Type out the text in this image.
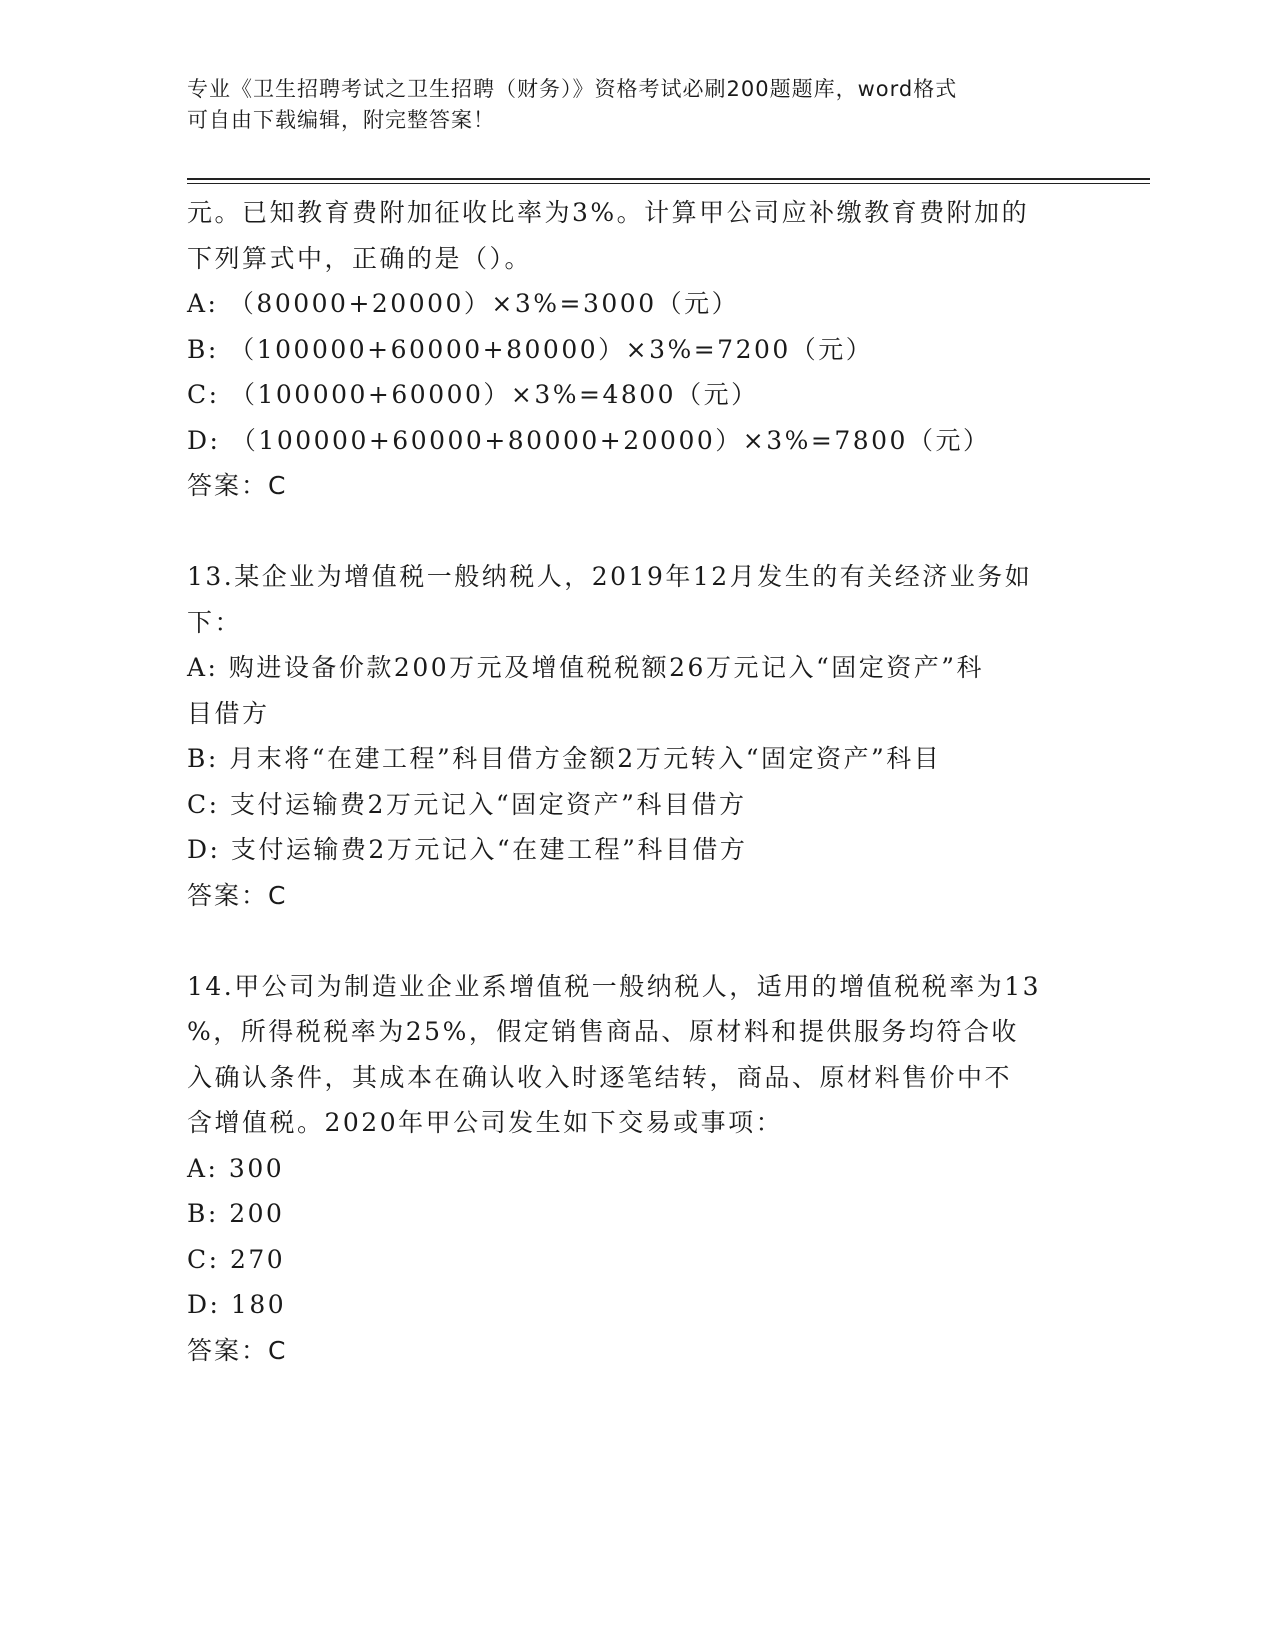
专业《卫生招聘考试之卫生招聘（财务）》资格考试必刷200题题库，word格式
可自由下载编辑，附完整答案！
元。已知教育费附加征收比率为3%。计算甲公司应补缴教育费附加的
下列算式中，正确的是（）。
A: （80000+20000）×3%=3000（元）
B: （100000+60000+80000）×3%=7200（元）
C: （100000+60000）×3%=4800（元）
D: （100000+60000+80000+20000）×3%=7800（元）
答案：C
13.某企业为增值税一般纳税人，2019年12月发生的有关经济业务如
下：
A: 购进设备价款200万元及增值税税额26万元记入“固定资产”科
目借方
B: 月末将“在建工程”科目借方金额2万元转入“固定资产”科目
C: 支付运输费2万元记入“固定资产”科目借方
D: 支付运输费2万元记入“在建工程”科目借方
答案：C
14.甲公司为制造业企业系增值税一般纳税人，适用的增值税税率为13
%，所得税税率为25%，假定销售商品、原材料和提供服务均符合收
入确认条件，其成本在确认收入时逐笔结转，商品、原材料售价中不
含增值税。2020年甲公司发生如下交易或事项：
A: 300
B: 200
C: 270
D: 180
答案：C
